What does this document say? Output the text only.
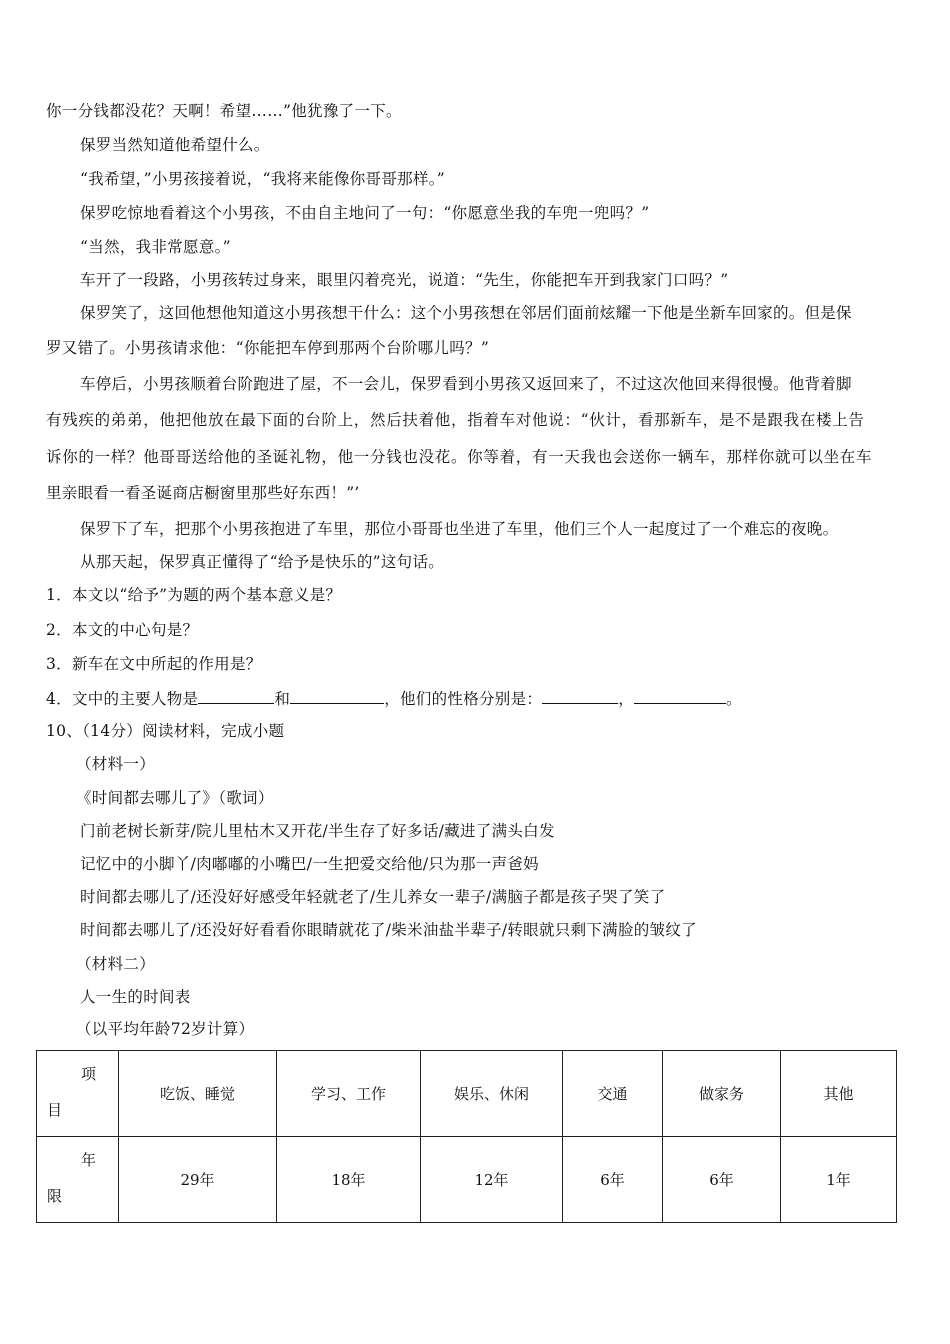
你一分钱都没花？天啊！希望……”他犹豫了一下。
保罗当然知道他希望什么。
“我希望，”小男孩接着说，“我将来能像你哥哥那样。”
保罗吃惊地看着这个小男孩，不由自主地问了一句：“你愿意坐我的车兜一兜吗？”
“当然，我非常愿意。”
车开了一段路，小男孩转过身来，眼里闪着亮光，说道：“先生，你能把车开到我家门口吗？”
保罗笑了，这回他想他知道这小男孩想干什么：这个小男孩想在邻居们面前炫耀一下他是坐新车回家的。但是保
罗又错了。小男孩请求他：“你能把车停到那两个台阶哪儿吗？”
车停后，小男孩顺着台阶跑进了屋，不一会儿，保罗看到小男孩又返回来了，不过这次他回来得很慢。他背着脚
有残疾的弟弟，他把他放在最下面的台阶上，然后扶着他，指着车对他说：“伙计，看那新车，是不是跟我在楼上告
诉你的一样？他哥哥送给他的圣诞礼物，他一分钱也没花。你等着，有一天我也会送你一辆车，那样你就可以坐在车
里亲眼看一看圣诞商店橱窗里那些好东西！”’
保罗下了车，把那个小男孩抱进了车里，那位小哥哥也坐进了车里，他们三个人一起度过了一个难忘的夜晚。
从那天起，保罗真正懂得了“给予是快乐的”这句话。
1．本文以“给予”为题的两个基本意义是？
2．本文的中心句是？
3．新车在文中所起的作用是？
4．文中的主要人物是	和	，他们的性格分别是：	，	。
10、（14分）阅读材料，完成小题
（材料一）
《时间都去哪儿了》（歌词）
门前老树长新芽/院儿里枯木又开花/半生存了好多话/藏进了满头白发
记忆中的小脚丫/肉嘟嘟的小嘴巴/一生把爱交给他/只为那一声爸妈
时间都去哪儿了/还没好好感受年轻就老了/生儿养女一辈子/满脑子都是孩子哭了笑了
时间都去哪儿了/还没好好看看你眼睛就花了/柴米油盐半辈子/转眼就只剩下满脸的皱纹了
（材料二）
人一生的时间表
（以平均年龄72岁计算）
项
目	吃饭、睡觉	学习、工作	娱乐、休闲	交通	做家务	其他

年
限	29年	18年	12年	6年	6年	1年
